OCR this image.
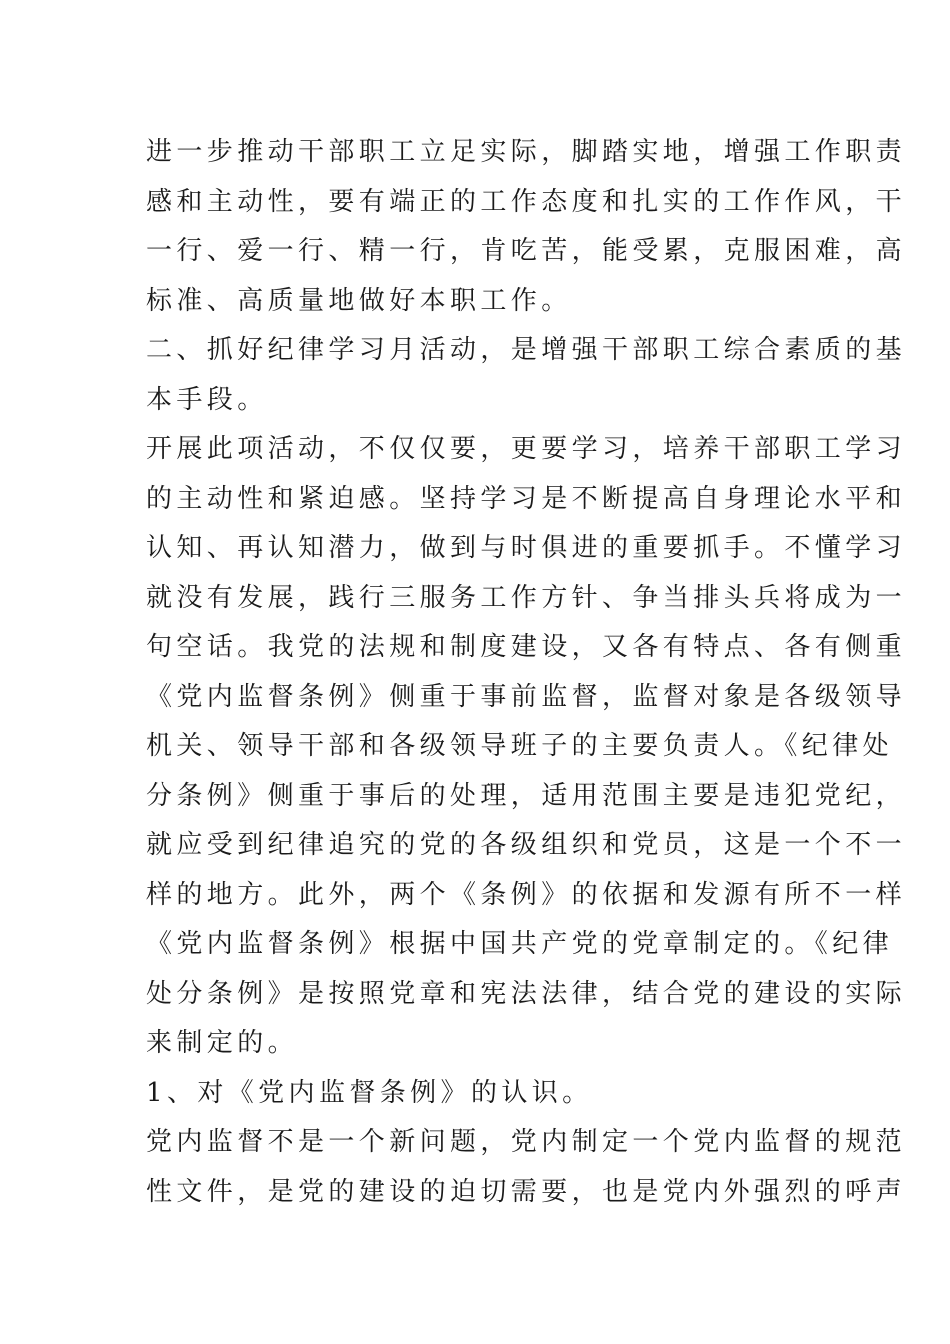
进一步推动干部职工立足实际，脚踏实地，增强工作职责
感和主动性，要有端正的工作态度和扎实的工作作风，干
一行、爱一行、精一行，肯吃苦，能受累，克服困难，高
标准、高质量地做好本职工作。
二、抓好纪律学习月活动，是增强干部职工综合素质的基
本手段。
开展此项活动，不仅仅要，更要学习，培养干部职工学习
的主动性和紧迫感。坚持学习是不断提高自身理论水平和
认知、再认知潜力，做到与时俱进的重要抓手。不懂学习
就没有发展，践行三服务工作方针、争当排头兵将成为一
句空话。我党的法规和制度建设，又各有特点、各有侧重
《党内监督条例》侧重于事前监督，监督对象是各级领导
机关、领导干部和各级领导班子的主要负责人。《纪律处
分条例》侧重于事后的处理，适用范围主要是违犯党纪，
就应受到纪律追究的党的各级组织和党员，这是一个不一
样的地方。此外，两个《条例》的依据和发源有所不一样
《党内监督条例》根据中国共产党的党章制定的。《纪律
处分条例》是按照党章和宪法法律，结合党的建设的实际
来制定的。
1、对《党内监督条例》的认识。
党内监督不是一个新问题，党内制定一个党内监督的规范
性文件，是党的建设的迫切需要，也是党内外强烈的呼声
